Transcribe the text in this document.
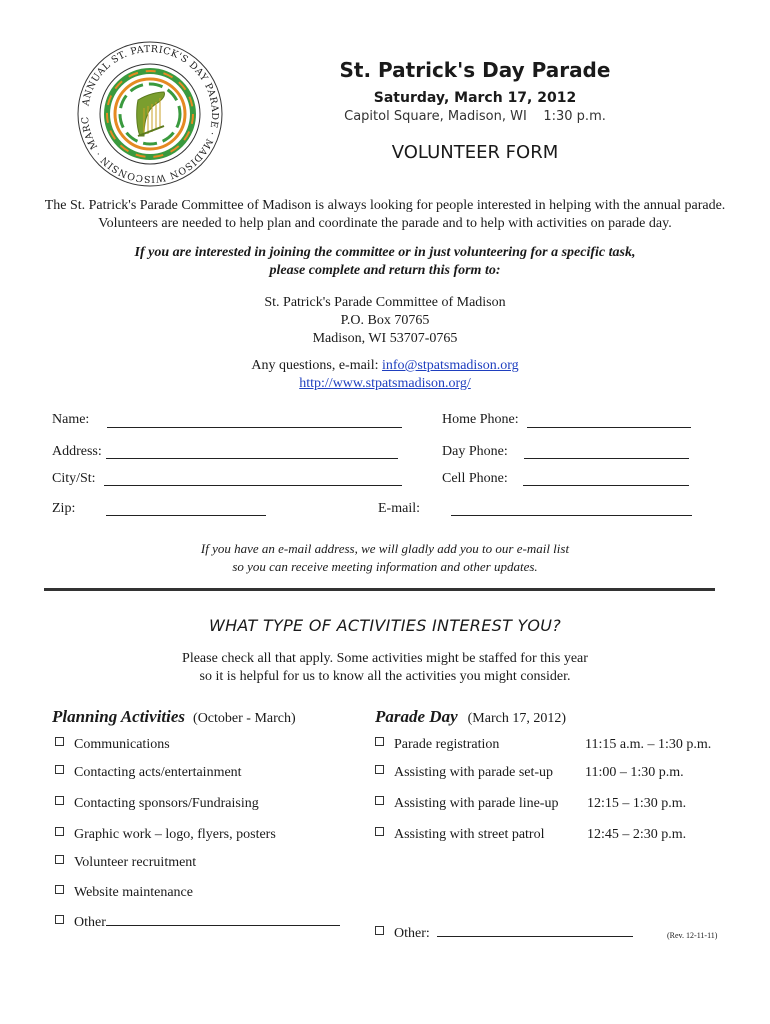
ANNUAL ST. PATRICK'S DAY PARADE · MADISON WISCONSIN · MARC
St. Patrick's Day Parade
Saturday, March 17, 2012
Capitol Square, Madison, WI 1:30 p.m.
VOLUNTEER FORM
The St. Patrick's Parade Committee of Madison is always looking for people interested in helping with the annual parade. Volunteers are needed to help plan and coordinate the parade and to help with activities on parade day.
If you are interested in joining the committee or in just volunteering for a specific task,
please complete and return this form to:
St. Patrick's Parade Committee of Madison
P.O. Box 70765
Madison, WI 53707-0765
Any questions, e-mail: info@stpatsmadison.org
http://www.stpatsmadison.org/
Name:	Home Phone:
Address:	Day Phone:
City/St:	Cell Phone:
Zip:	E-mail:
If you have an e-mail address, we will gladly add you to our e-mail list
so you can receive meeting information and other updates.
WHAT TYPE OF ACTIVITIES INTEREST YOU?
Please check all that apply. Some activities might be staffed for this year
so it is helpful for us to know all the activities you might consider.
Planning Activities (October - March)	Parade Day (March 17, 2012)
Communications
Contacting acts/entertainment
Contacting sponsors/Fundraising
Graphic work – logo, flyers, posters
Volunteer recruitment
Website maintenance
Other
Parade registration	11:15 a.m. – 1:30 p.m.
Assisting with parade set-up 11:00 – 1:30 p.m.
Assisting with parade line-up 12:15 – 1:30 p.m.
Assisting with street patrol	12:45 – 2:30 p.m.
Other:	(Rev. 12-11-11)
